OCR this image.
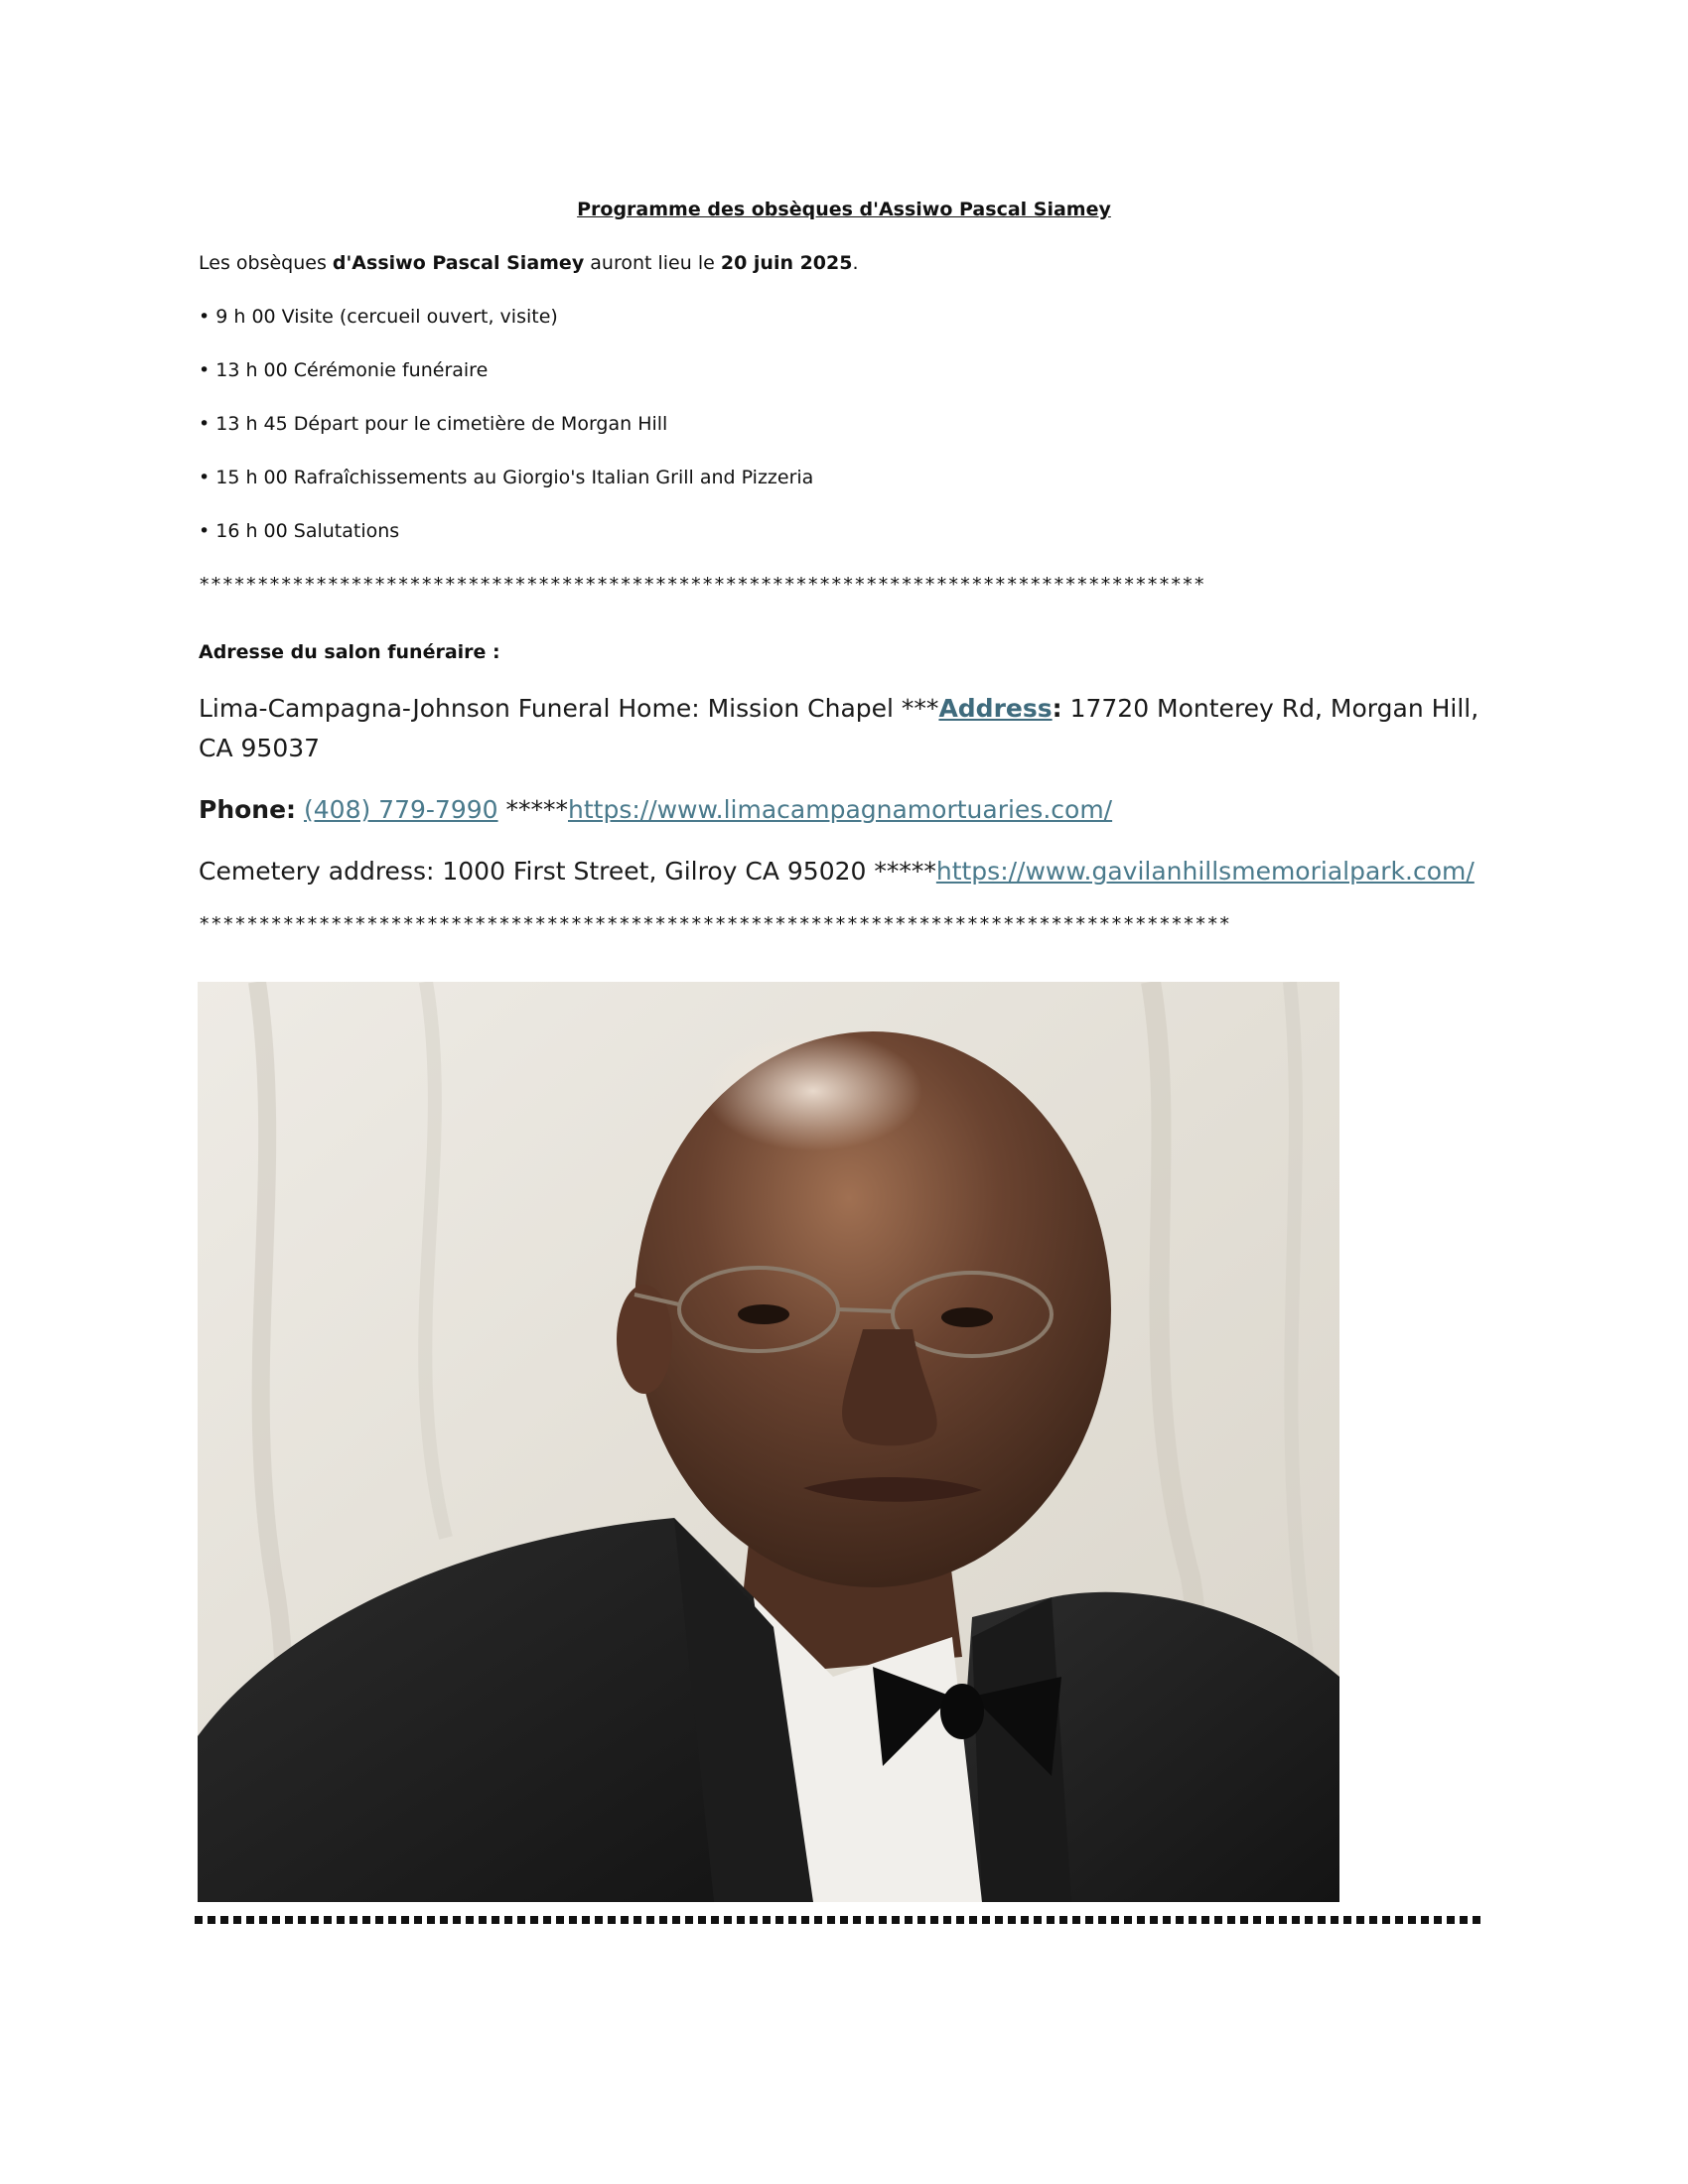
Programme des obsèques d'Assiwo Pascal Siamey
Les obsèques d'Assiwo Pascal Siamey auront lieu le 20 juin 2025.
• 9 h 00 Visite (cercueil ouvert, visite)
• 13 h 00 Cérémonie funéraire
• 13 h 45 Départ pour le cimetière de Morgan Hill
• 15 h 00 Rafraîchissements au Giorgio's Italian Grill and Pizzeria
• 16 h 00 Salutations
**************************************************************************************
Adresse du salon funéraire :
Lima-Campagna-Johnson Funeral Home: Mission Chapel ***Address: 17720 Monterey Rd, Morgan Hill, CA 95037
Phone: (408) 779-7990 *****https://www.limacampagnamortuaries.com/
Cemetery address: 1000 First Street, Gilroy CA 95020 *****https://www.gavilanhillsmemorialpark.com/
**************************************************************************************
